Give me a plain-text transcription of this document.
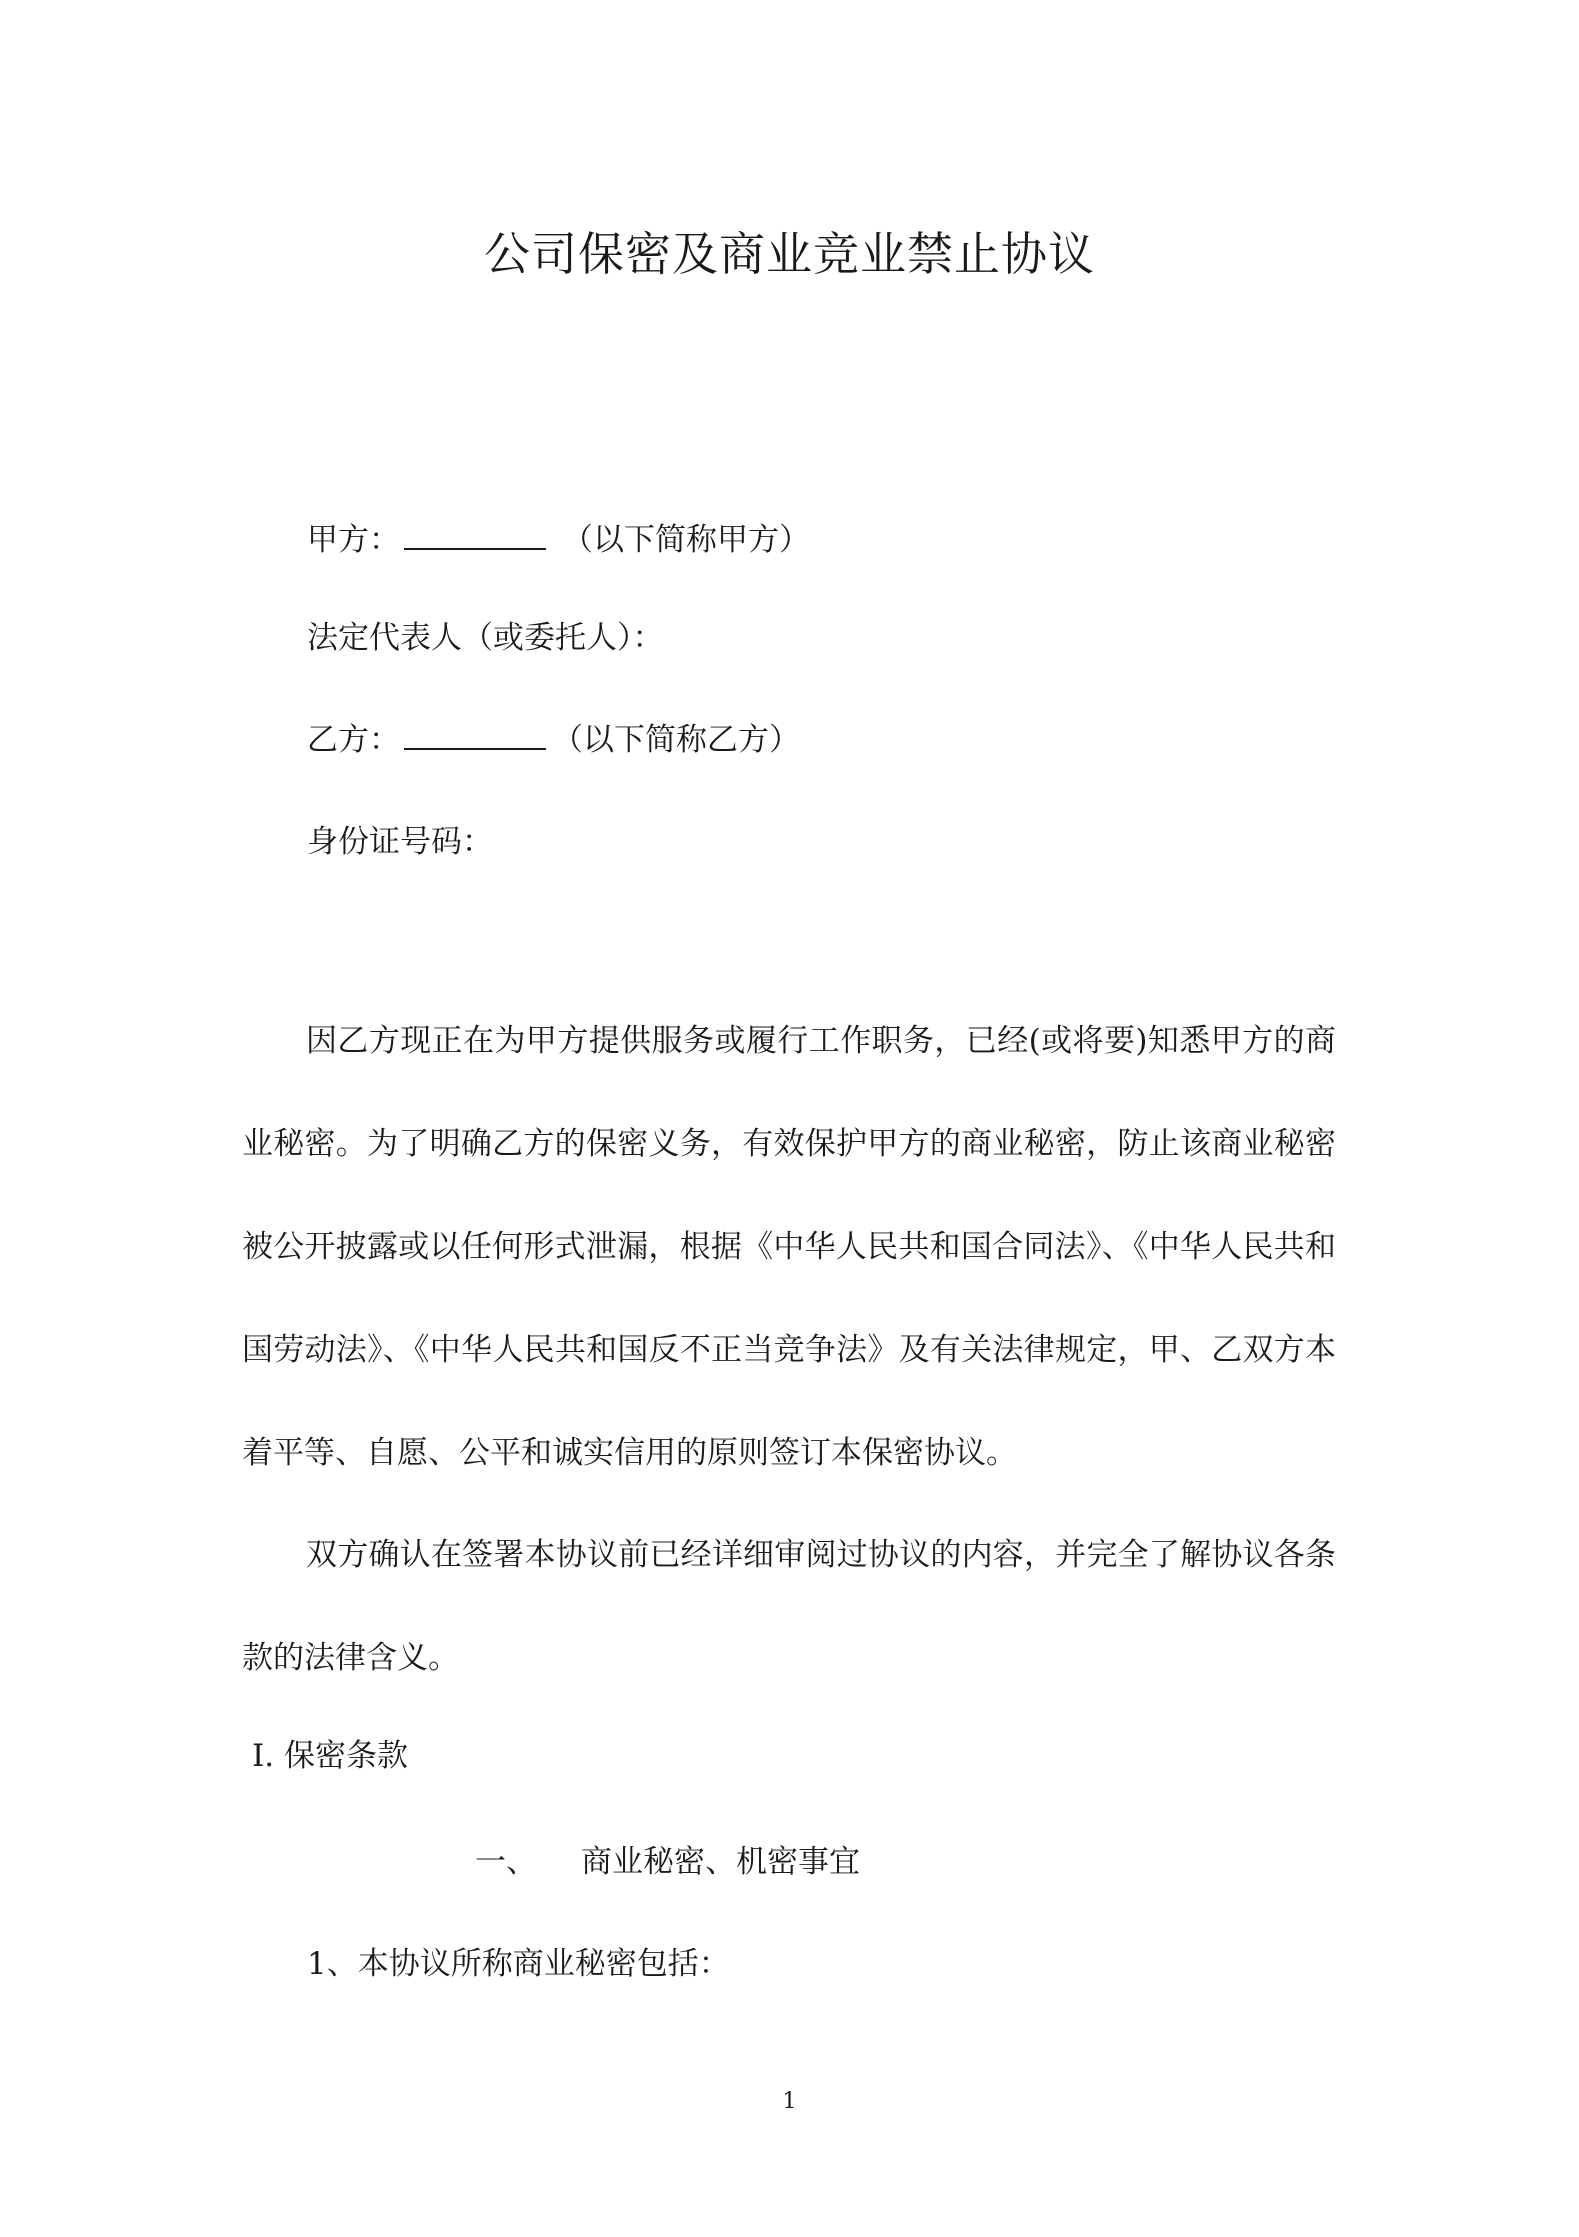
公司保密及商业竞业禁止协议
甲方：	（以下简称甲方）
法定代表人（或委托人）：
乙方：	（以下简称乙方）
身份证号码：

因乙方现正在为甲方提供服务或履行工作职务，已经(或将要)知悉甲方的商业秘密。为了明确乙方的保密义务，有效保护甲方的商业秘密，防止该商业秘密被公开披露或以任何形式泄漏，根据《中华人民共和国合同法》、《中华人民共和国劳动法》、《中华人民共和国反不正当竞争法》及有关法律规定，甲、乙双方本着平等、自愿、公平和诚实信用的原则签订本保密协议。

双方确认在签署本协议前已经详细审阅过协议的内容，并完全了解协议各条款的法律含义。

Ⅰ. 保密条款
一、 商业秘密、机密事宜
1、本协议所称商业秘密包括：
1
